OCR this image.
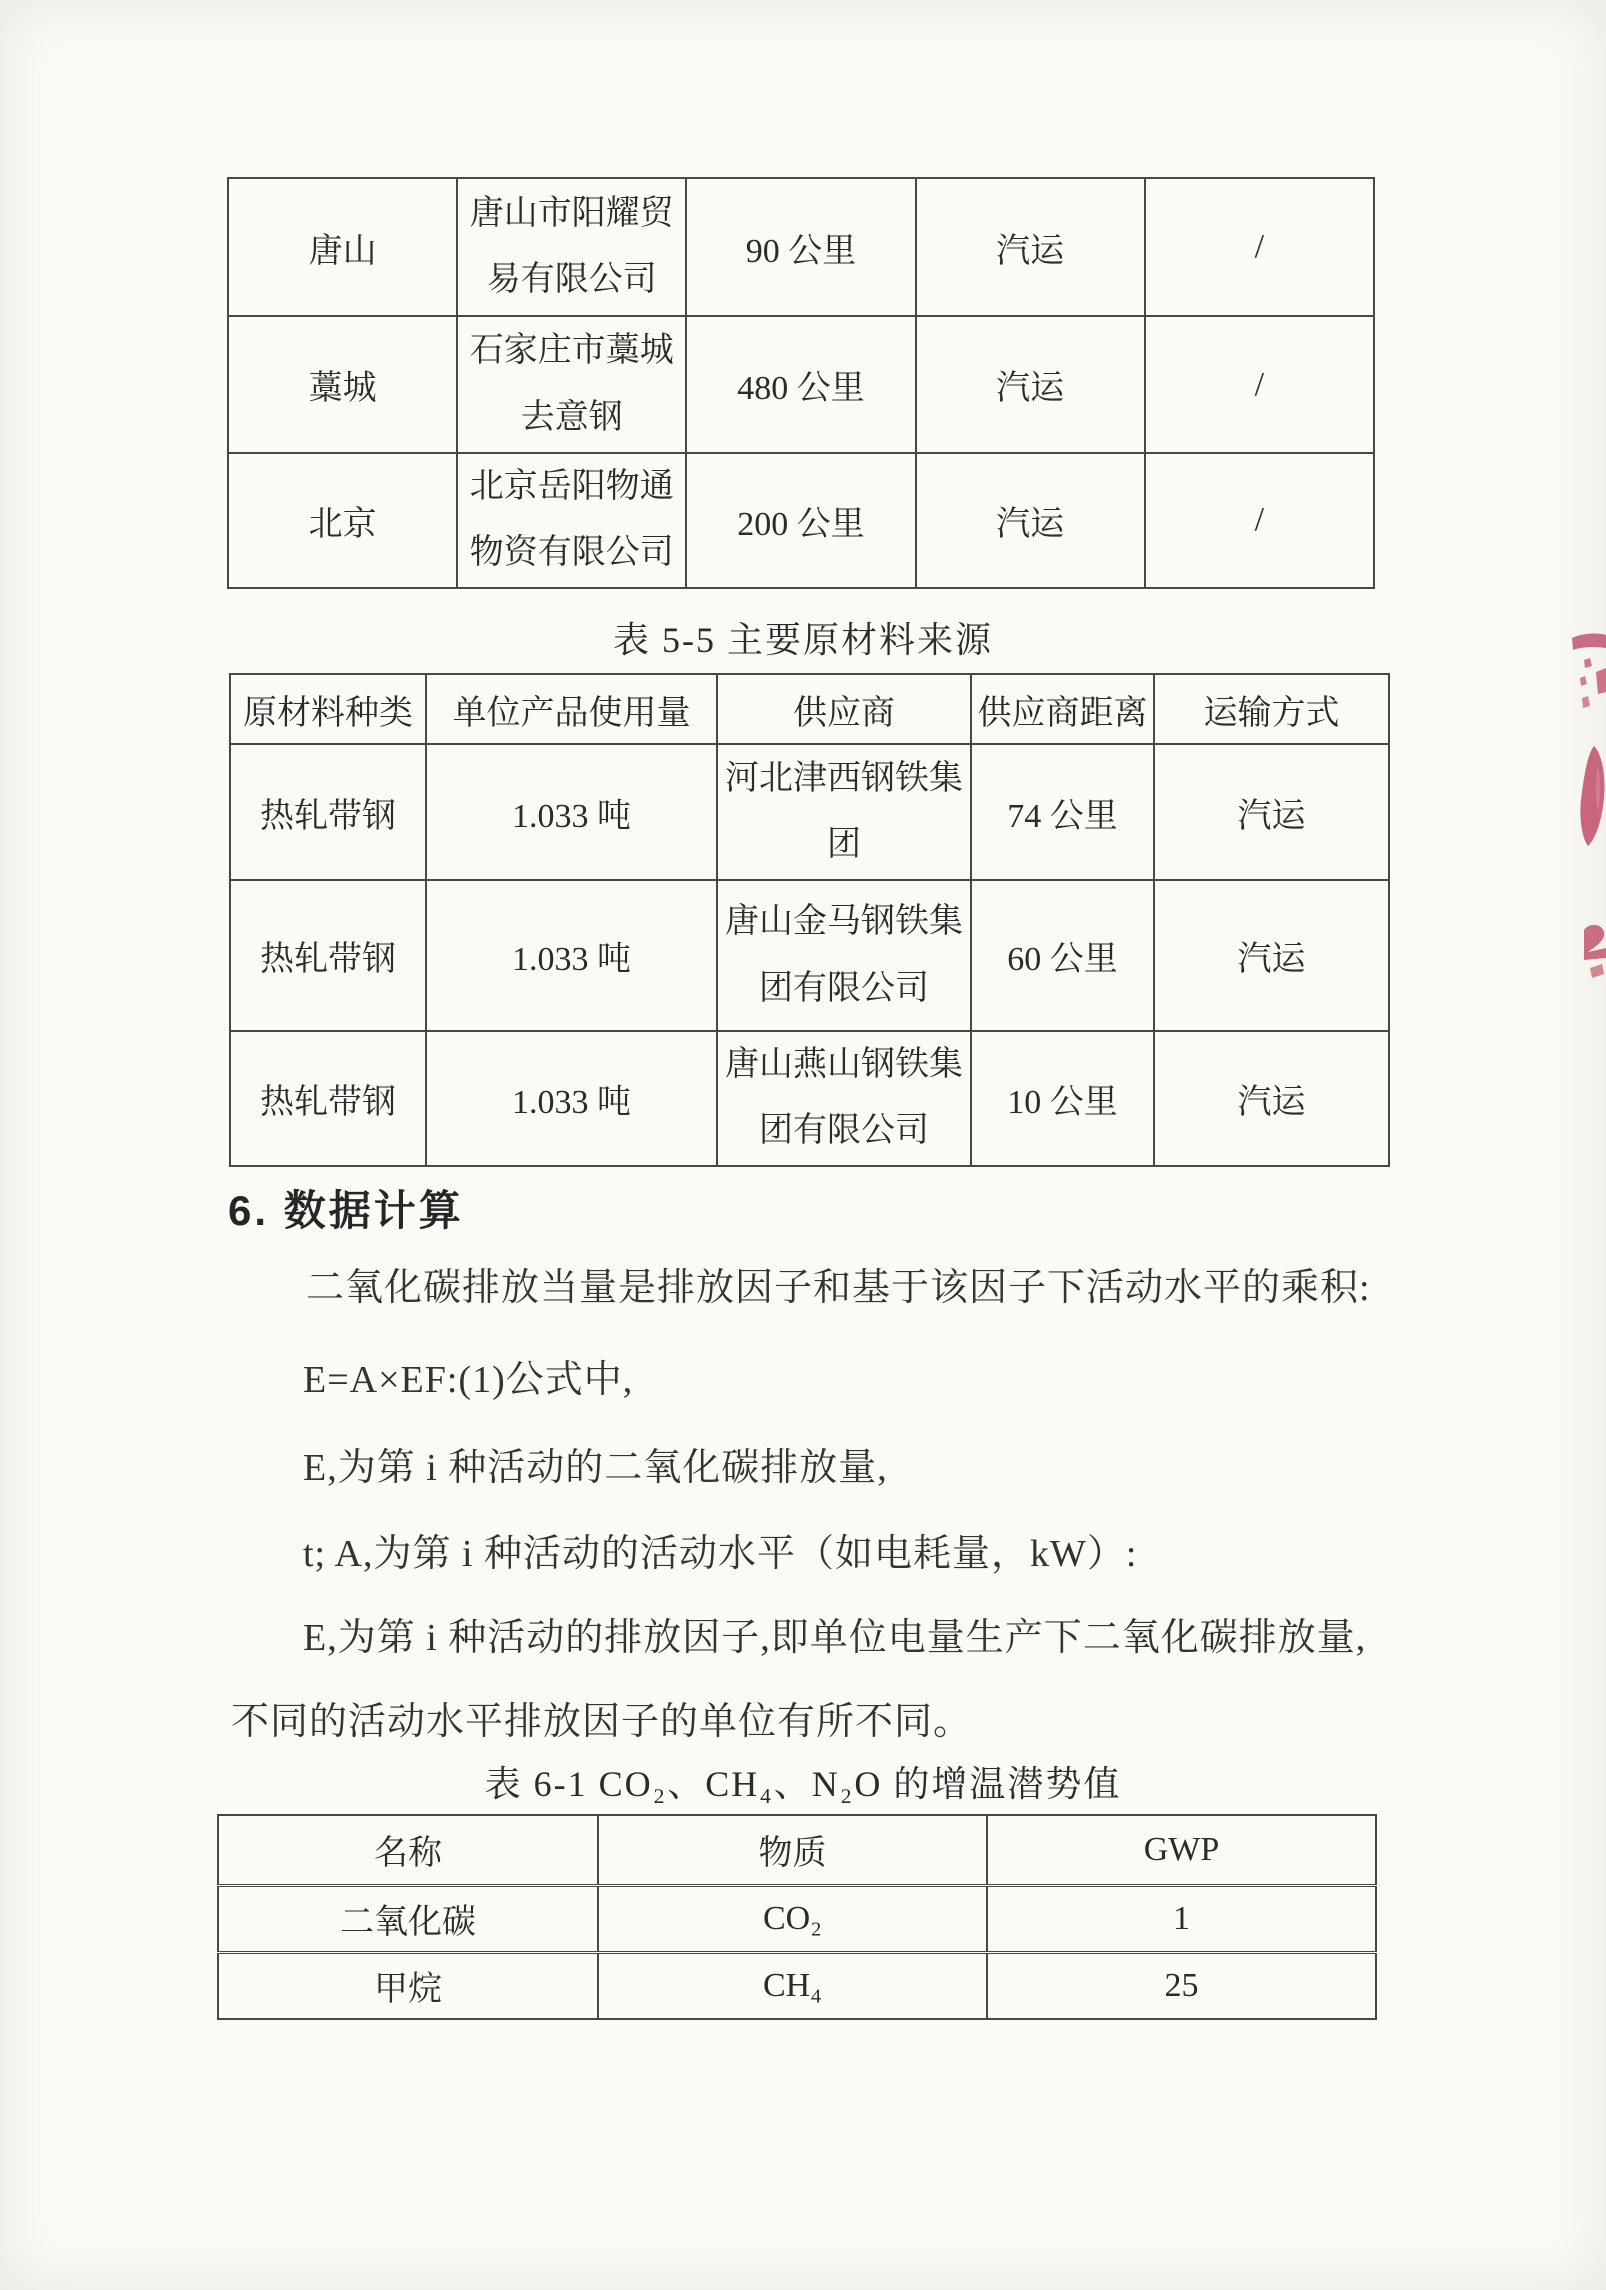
唐山	唐山市阳耀贸易有限公司	90 公里	汽运	/
藁城	石家庄市藁城去意钢	480 公里	汽运	/
北京	北京岳阳物通物资有限公司	200 公里	汽运	/
表 5-5 主要原材料来源
原材料种类	单位产品使用量	供应商	供应商距离	运输方式
热轧带钢	1.033 吨	河北津西钢铁集团	74 公里	汽运
热轧带钢	1.033 吨	唐山金马钢铁集团有限公司	60 公里	汽运
热轧带钢	1.033 吨	唐山燕山钢铁集团有限公司	10 公里	汽运
6. 数据计算

二氧化碳排放当量是排放因子和基于该因子下活动水平的乘积:

E=A×EF:(1)公式中,

E,为第 i 种活动的二氧化碳排放量,

t; A,为第 i 种活动的活动水平（如电耗量，kW）:

E,为第 i 种活动的排放因子,即单位电量生产下二氧化碳排放量,

不同的活动水平排放因子的单位有所不同。

表 6-1 CO₂、CH₄、N₂O 的增温潜势值
名称	物质	GWP
二氧化碳	CO₂	1
甲烷	CH₄	25
